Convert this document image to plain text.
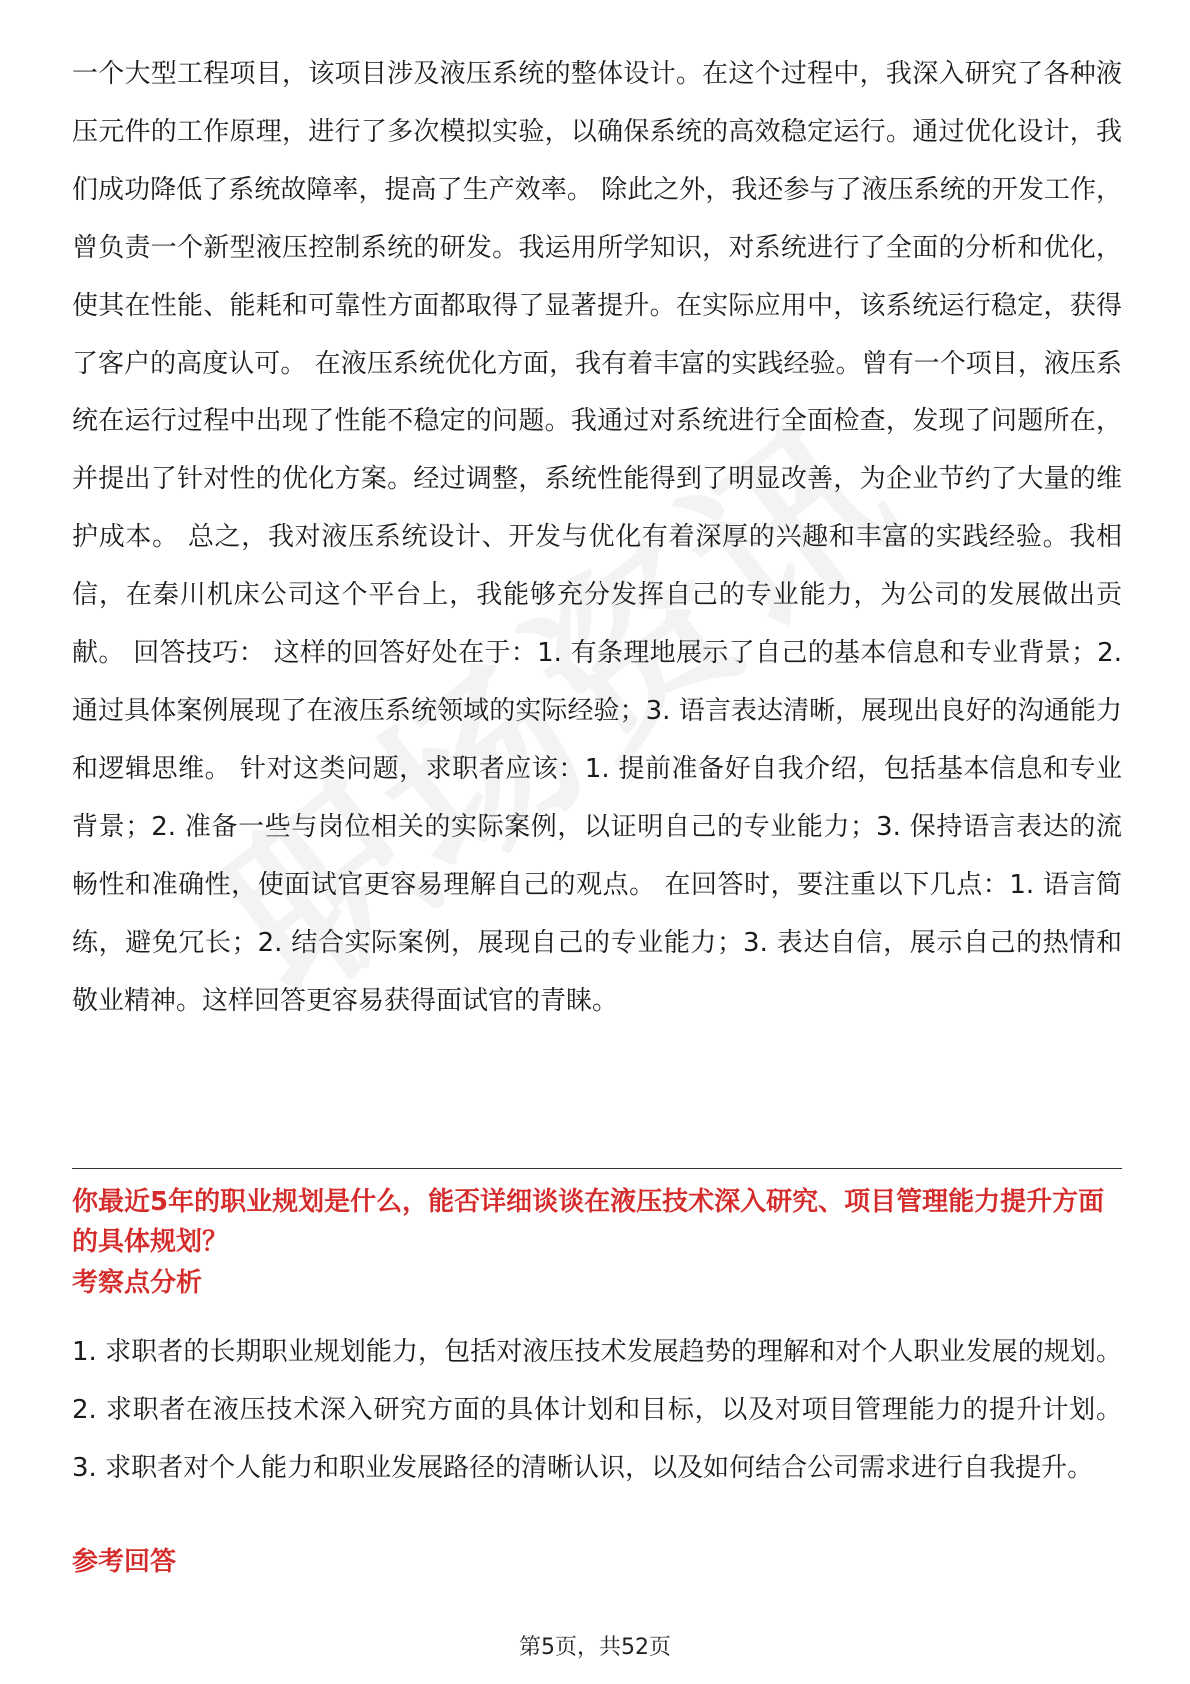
一个大型工程项目，该项目涉及液压系统的整体设计。在这个过程中，我深入研究了各种液压元件的工作原理，进行了多次模拟实验，以确保系统的高效稳定运行。通过优化设计，我们成功降低了系统故障率，提高了生产效率。 除此之外，我还参与了液压系统的开发工作，曾负责一个新型液压控制系统的研发。我运用所学知识，对系统进行了全面的分析和优化，使其在性能、能耗和可靠性方面都取得了显著提升。在实际应用中，该系统运行稳定，获得了客户的高度认可。 在液压系统优化方面，我有着丰富的实践经验。曾有一个项目，液压系统在运行过程中出现了性能不稳定的问题。我通过对系统进行全面检查，发现了问题所在，并提出了针对性的优化方案。经过调整，系统性能得到了明显改善，为企业节约了大量的维护成本。 总之，我对液压系统设计、开发与优化有着深厚的兴趣和丰富的实践经验。我相信，在秦川机床公司这个平台上，我能够充分发挥自己的专业能力，为公司的发展做出贡献。 回答技巧： 这样的回答好处在于：1. 有条理地展示了自己的基本信息和专业背景；2. 通过具体案例展现了在液压系统领域的实际经验；3. 语言表达清晰，展现出良好的沟通能力和逻辑思维。 针对这类问题，求职者应该：1. 提前准备好自我介绍，包括基本信息和专业背景；2. 准备一些与岗位相关的实际案例，以证明自己的专业能力；3. 保持语言表达的流畅性和准确性，使面试官更容易理解自己的观点。 在回答时，要注重以下几点：1. 语言简练，避免冗长；2. 结合实际案例，展现自己的专业能力；3. 表达自信，展示自己的热情和敬业精神。这样回答更容易获得面试官的青睐。

你最近5年的职业规划是什么，能否详细谈谈在液压技术深入研究、项目管理能力提升方面的具体规划？

考察点分析

1. 求职者的长期职业规划能力，包括对液压技术发展趋势的理解和对个人职业发展的规划。 2. 求职者在液压技术深入研究方面的具体计划和目标，以及对项目管理能力的提升计划。 3. 求职者对个人能力和职业发展路径的清晰认识，以及如何结合公司需求进行自我提升。

参考回答

第5页，共52页
